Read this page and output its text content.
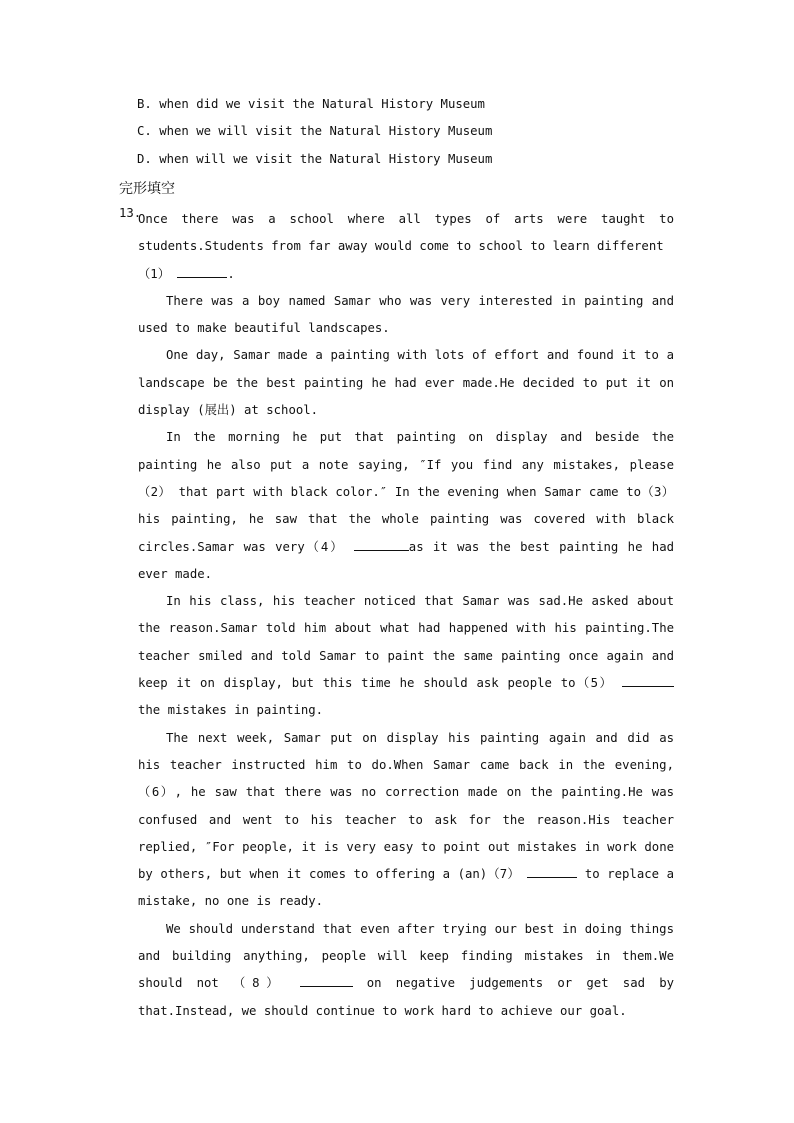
B. when did we visit the Natural History Museum
C. when we will visit the Natural History Museum
D. when will we visit the Natural History Museum
完形填空
13.

Once there was a school where all types of arts were taught to students.Students from far away would come to school to learn different
（1）	.

There was a boy named Samar who was very interested in painting and used to make beautiful landscapes.

One day, Samar made a painting with lots of effort and found it to a landscape be the best painting he had ever made.He decided to put it on display (展出) at school.

In the morning he put that painting on display and beside the painting he also put a note saying, ″If you find any mistakes, please （2） that part with black color.″ In the evening when Samar came to（3） his painting, he saw that the whole painting was covered with black circles.Samar was very（4）	as it was the best painting he had ever made.

In his class, his teacher noticed that Samar was sad.He asked about the reason.Samar told him about what had happened with his painting.The teacher smiled and told Samar to paint the same painting once again and keep it on display, but this time he should ask people to（5）  the mistakes in painting.

The next week, Samar put on display his painting again and did as his teacher instructed him to do.When Samar came back in the evening,（6）, he saw that there was no correction made on the painting.He was confused and went to his teacher to ask for the reason.His teacher replied, ″For people, it is very easy to point out mistakes in work done by others, but when it comes to offering a (an)（7）	to replace a mistake, no one is ready.

We should understand that even after trying our best in doing things and building anything, people will keep finding mistakes in them.We should not （8）	on negative judgements or get sad by that.Instead, we should continue to work hard to achieve our goal.
